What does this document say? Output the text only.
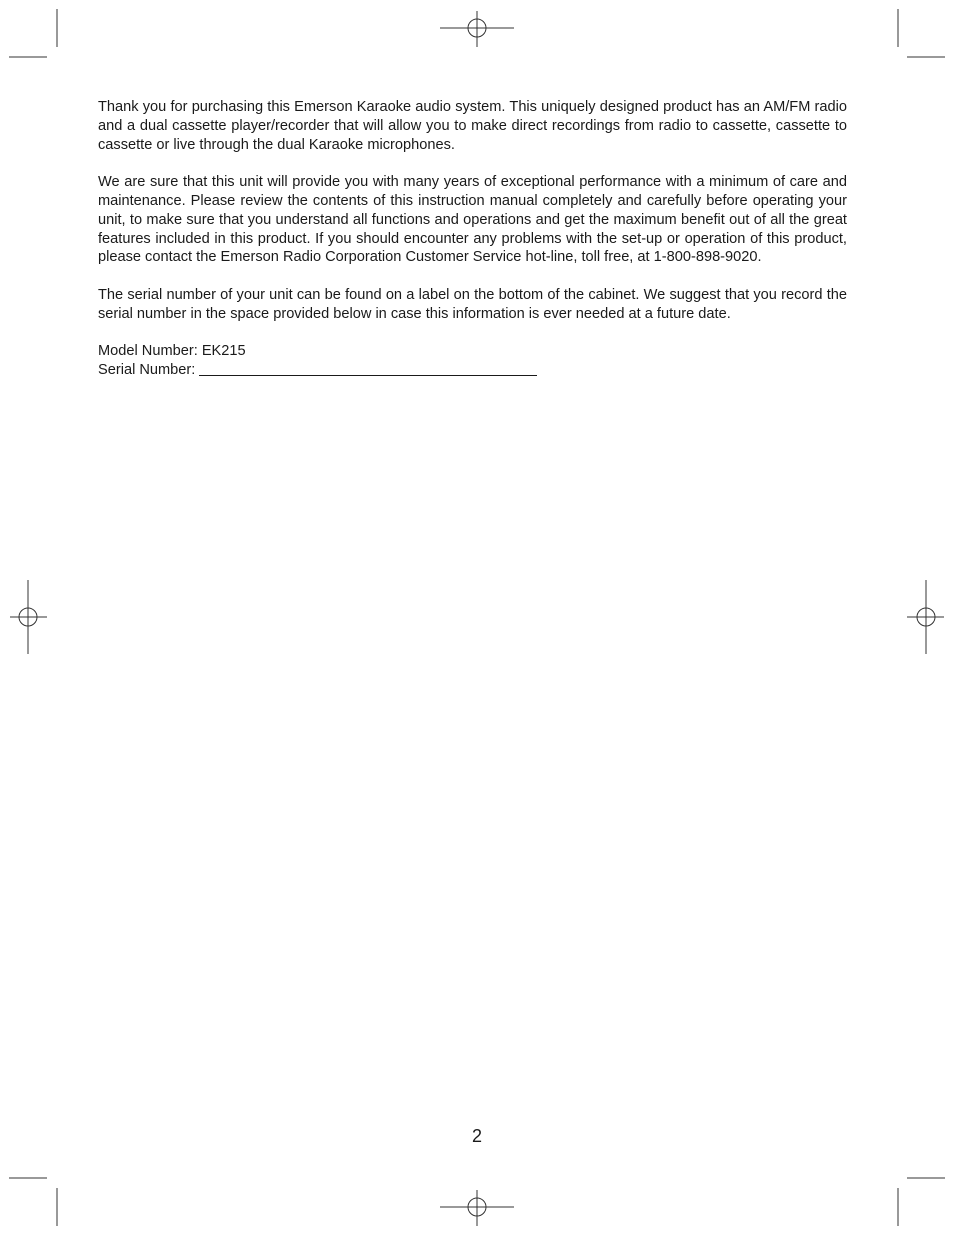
Thank you for purchasing this Emerson Karaoke audio system. This uniquely designed product has an AM/FM radio and a dual cassette player/recorder that will allow you to make direct recordings from radio to cassette, cassette to cassette or live through the dual Karaoke microphones.

We are sure that this unit will provide you with many years of exceptional performance with a minimum of care and maintenance. Please review the contents of this instruction manual completely and carefully before operating your unit, to make sure that you understand all functions and operations and get the maximum benefit out of all the great features included in this product. If you should encounter any problems with the set-up or operation of this product, please contact the Emerson Radio Corporation Customer Service hot-line, toll free, at 1-800-898-9020.

The serial number of your unit can be found on a label on the bottom of the cabinet. We suggest that you record the serial number in the space provided below in case this information is ever needed at a future date.

Model Number: EK215
Serial Number:
2
